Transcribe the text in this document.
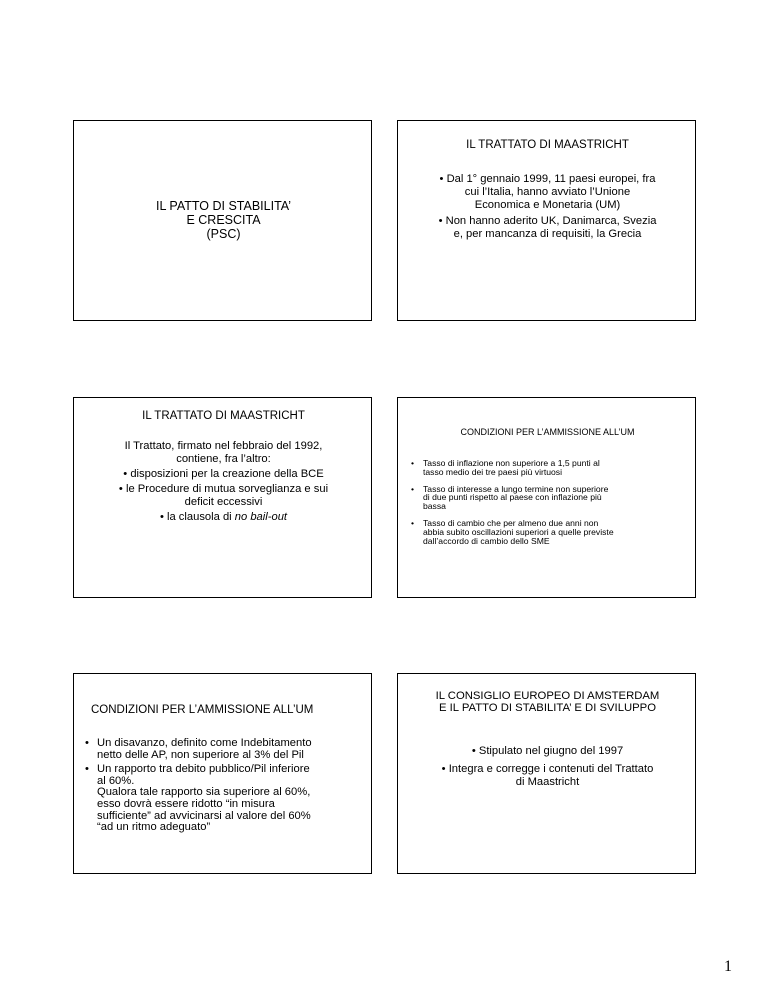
IL PATTO DI STABILITA’
E CRESCITA
(PSC)
IL TRATTATO DI MAASTRICHT
• Dal 1° gennaio 1999, 11 paesi europei, fra
cui l’Italia, hanno avviato l’Unione
Economica e Monetaria (UM)
• Non hanno aderito UK, Danimarca, Svezia
e, per mancanza di requisiti, la Grecia
IL TRATTATO DI MAASTRICHT
Il Trattato, firmato nel febbraio del 1992,
contiene, fra l’altro:
• disposizioni per la creazione della BCE
• le Procedure di mutua sorveglianza e sui
deficit eccessivi
• la clausola di no bail-out
CONDIZIONI PER L’AMMISSIONE ALL’UM
• Tasso di inflazione non superiore a 1,5 punti al
tasso medio dei tre paesi più virtuosi
• Tasso di interesse a lungo termine non superiore
di due punti rispetto al paese con inflazione più
bassa
• Tasso di cambio che per almeno due anni non
abbia subito oscillazioni superiori a quelle previste
dall’accordo di cambio dello SME
CONDIZIONI PER L’AMMISSIONE ALL’UM
• Un disavanzo, definito come Indebitamento
netto delle AP, non superiore al 3% del Pil
• Un rapporto tra debito pubblico/Pil inferiore
al 60%.
Qualora tale rapporto sia superiore al 60%,
esso dovrà essere ridotto “in misura
sufficiente” ad avvicinarsi al valore del 60%
“ad un ritmo adeguato”
IL CONSIGLIO EUROPEO DI AMSTERDAM
E IL PATTO DI STABILITA’ E DI SVILUPPO
• Stipulato nel giugno del 1997
• Integra e corregge i contenuti del Trattato
di Maastricht
1
